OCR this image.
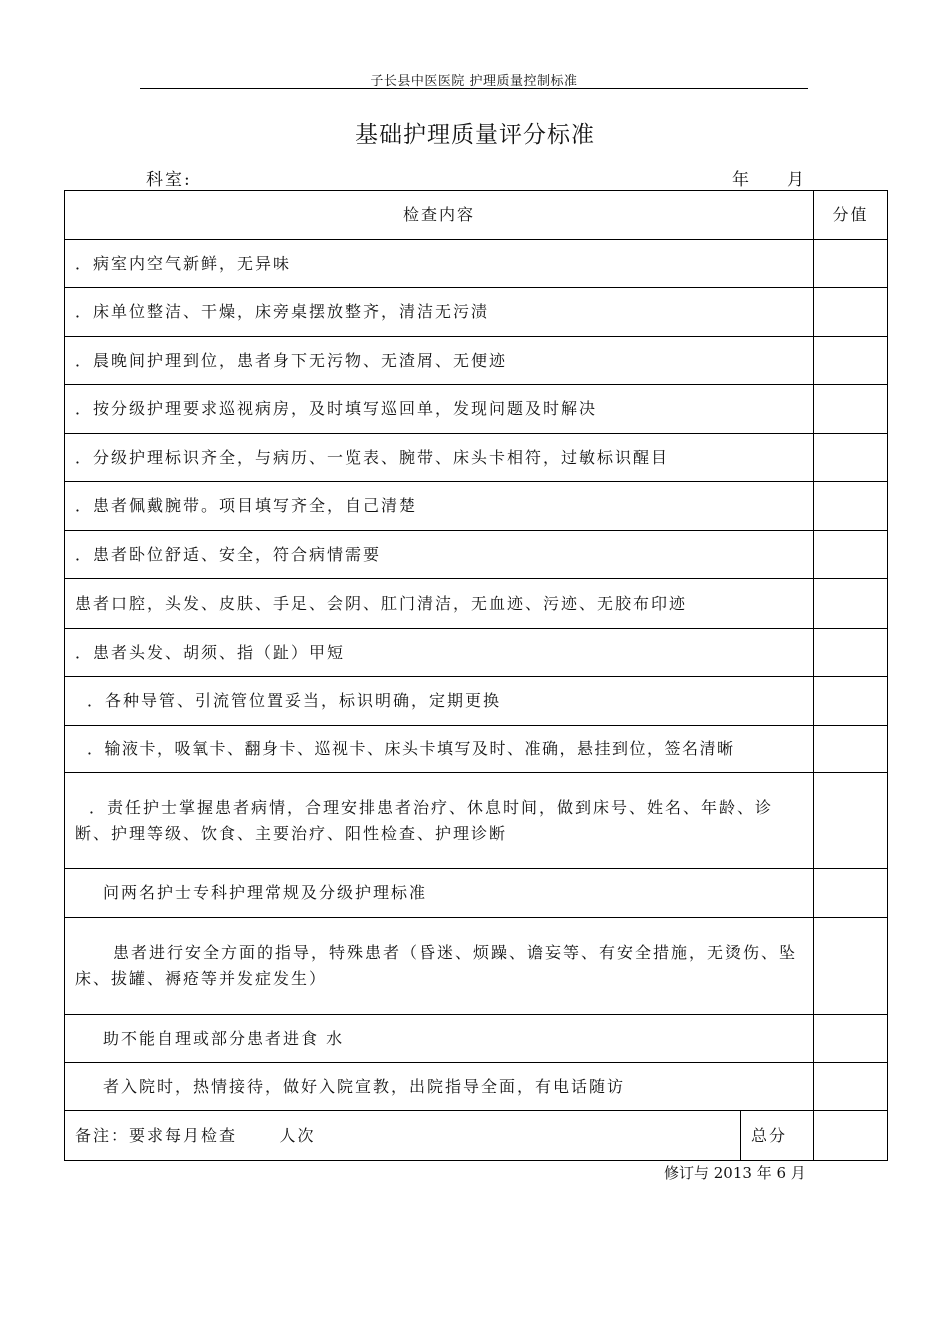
子长县中医医院 护理质量控制标准
基础护理质量评分标准
科室:	年 月
检查内容		分值
．病室内空气新鲜，无异味		
．床单位整洁、干燥，床旁桌摆放整齐，清洁无污渍		
．晨晚间护理到位，患者身下无污物、无渣屑、无便迹		
．按分级护理要求巡视病房，及时填写巡回单，发现问题及时解决		
．分级护理标识齐全，与病历、一览表、腕带、床头卡相符，过敏标识醒目		
．患者佩戴腕带。项目填写齐全，自己清楚		
．患者卧位舒适、安全，符合病情需要		
患者口腔，头发、皮肤、手足、会阴、肛门清洁，无血迹、污迹、无胶布印迹		
．患者头发、胡须、指（趾）甲短		
．各种导管、引流管位置妥当，标识明确，定期更换		
．输液卡，吸氧卡、翻身卡、巡视卡、床头卡填写及时、准确，悬挂到位，签名清晰		
．责任护士掌握患者病情，合理安排患者治疗、休息时间，做到床号、姓名、年龄、诊断、护理等级、饮食、主要治疗、阳性检查、护理诊断		
问两名护士专科护理常规及分级护理标准		
患者进行安全方面的指导，特殊患者（昏迷、烦躁、谵妄等、有安全措施，无烫伤、坠床、拔罐、褥疮等并发症发生）		
助不能自理或部分患者进食 水		
者入院时，热情接待，做好入院宣教，出院指导全面，有电话随访		
备注：要求每月检查      人次	总分	
修订与 2013 年 6 月
